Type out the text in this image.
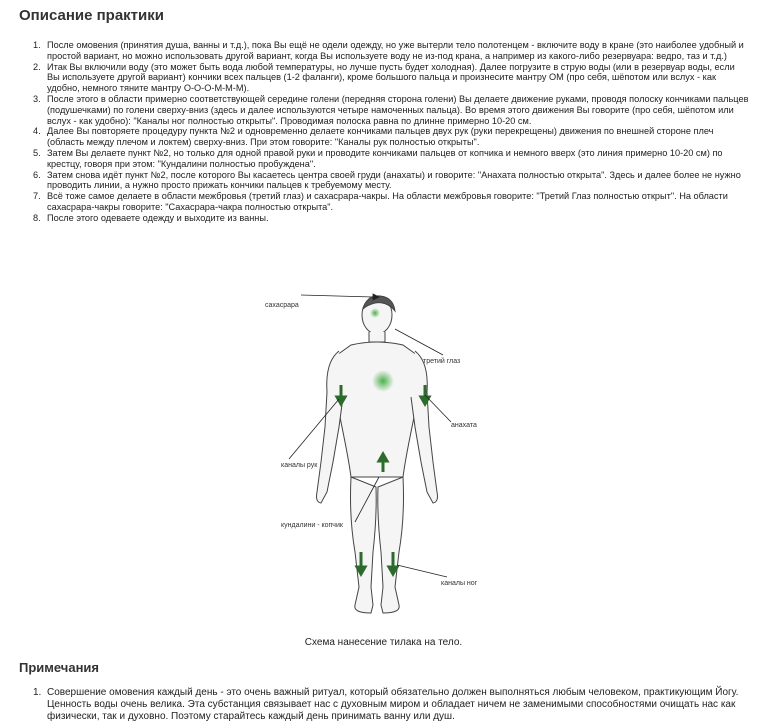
Описание практики
1. После омовения (принятия душа, ванны и т.д.), пока Вы ещё не одели одежду, но уже вытерли тело полотенцем - включите воду в кране (это наиболее удобный и простой вариант, но можно использовать другой вариант, когда Вы используете воду не из-под крана, а например из какого-либо резервуара: ведро, таз и т.д.)
2. Итак Вы включили воду (это может быть вода любой температуры, но лучше пусть будет холодная). Далее погрузите в струю воды (или в резервуар воды, если Вы используете другой вариант) кончики всех пальцев (1-2 фаланги), кроме большого пальца и произнесите мантру ОМ (про себя, шёпотом или вслух - как удобно, немного тяните мантру О-О-О-М-М-М).
3. После этого в области примерно соответствующей середине голени (передняя сторона голени) Вы делаете движение руками, проводя полоску кончиками пальцев (подушечками) по голени сверху-вниз (здесь и далее используются четыре намоченных пальца). Во время этого движения Вы говорите (про себя, шёпотом или вслух - как удобно): "Каналы ног полностью открыты". Проводимая полоска равна по длинне примерно 10-20 см.
4. Далее Вы повторяете процедуру пункта №2 и одновременно делаете кончиками пальцев двух рук (руки перекрещены) движения по внешней стороне плеч (область между плечом и локтем) сверху-вниз. При этом говорите: "Каналы рук полностью открыты".
5. Затем Вы делаете пункт №2, но только для одной правой руки и проводите кончиками пальцев от копчика и немного вверх (это линия примерно 10-20 см) по крестцу, говоря при этом: "Кундалини полностью пробуждена".
6. Затем снова идёт пункт №2, после которого Вы касаетесь центра своей груди (анахаты) и говорите: "Анахата полностью открыта". Здесь и далее более не нужно проводить линии, а нужно просто прижать кончики пальцев к требуемому месту.
7. Всё тоже самое делаете в области межбровья (третий глаз) и сахасрара-чакры. На области межбровья говорите: "Третий Глаз полностью открыт". На области сахасрара-чакры говорите: "Сахасрара-чакра полностью открыта".
8. После этого одеваете одежду и выходите из ванны.
сахасрара
третий глаз
анахата
каналы рук
кундалини - копчик
каналы ног
Схема нанесение тилака на тело.
Примечания
1. Совершение омовения каждый день - это очень важный ритуал, который обязательно должен выполняться любым человеком, практикующим Йогу. Ценность воды очень велика. Эта субстанция связывает нас с духовным миром и обладает ничем не заменимыми способностями очищать нас как физически, так и духовно. Поэтому старайтесь каждый день принимать ванну или душ.
